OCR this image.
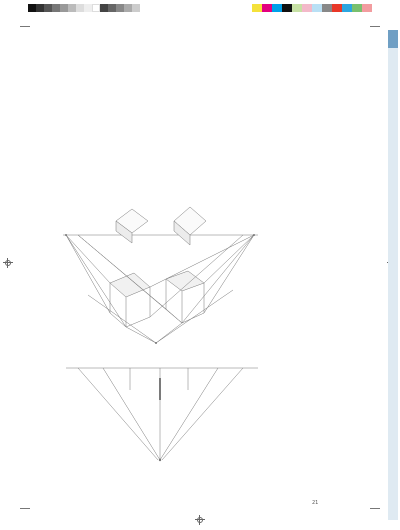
21
